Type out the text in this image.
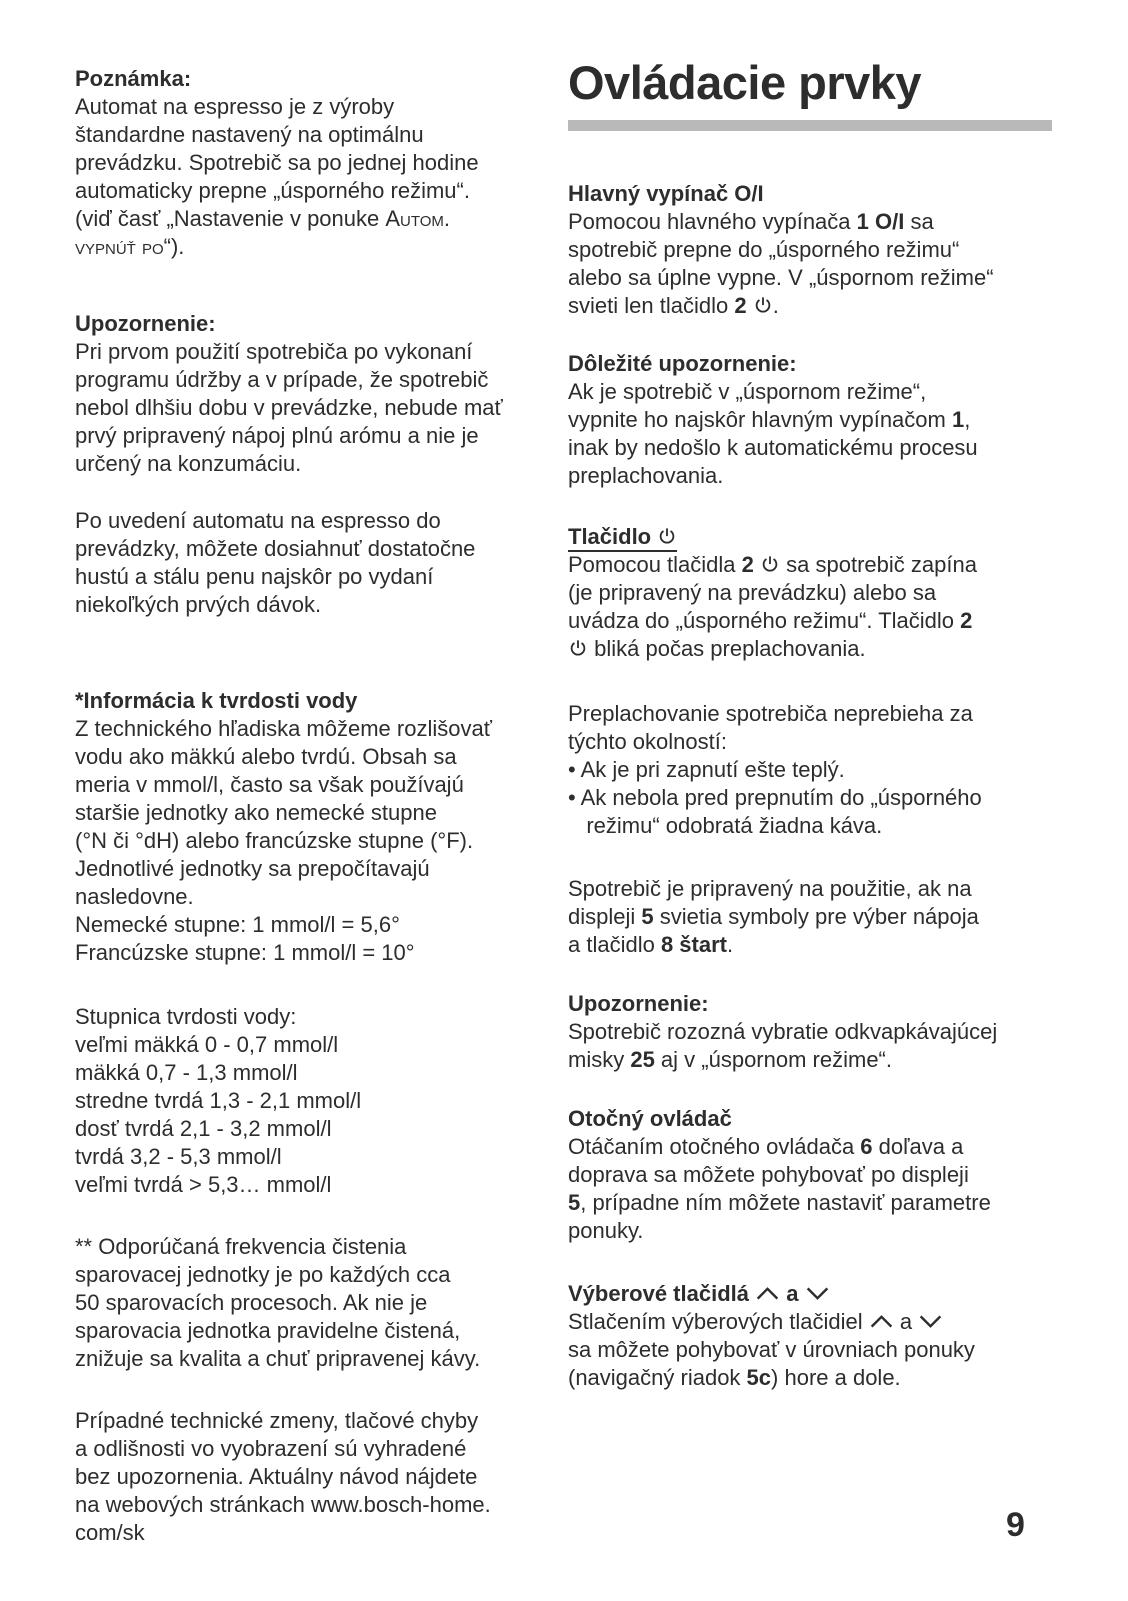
Poznámka:
Automat na espresso je z výroby
štandardne nastavený na optimálnu
prevádzku. Spotrebič sa po jednej hodine
automaticky prepne „úsporného režimu“.
(viď časť „Nastavenie v ponuke Autom.
vypnúť po“).
Upozornenie:
Pri prvom použití spotrebiča po vykonaní
programu údržby a v prípade, že spotrebič
nebol dlhšiu dobu v prevádzke, nebude mať
prvý pripravený nápoj plnú arómu a nie je
určený na konzumáciu.
Po uvedení automatu na espresso do
prevádzky, môžete dosiahnuť dostatočne
hustú a stálu penu najskôr po vydaní
niekoľkých prvých dávok.
*Informácia k tvrdosti vody
Z technického hľadiska môžeme rozlišovať
vodu ako mäkkú alebo tvrdú. Obsah sa
meria v mmol/l, často sa však používajú
staršie jednotky ako nemecké stupne
(°N či °dH) alebo francúzske stupne (°F).
Jednotlivé jednotky sa prepočítavajú
nasledovne.
Nemecké stupne: 1 mmol/l = 5,6°
Francúzske stupne: 1 mmol/l = 10°
Stupnica tvrdosti vody:
veľmi mäkká 0 - 0,7 mmol/l
mäkká 0,7 - 1,3 mmol/l
stredne tvrdá 1,3 - 2,1 mmol/l
dosť tvrdá 2,1 - 3,2 mmol/l
tvrdá 3,2 - 5,3 mmol/l
veľmi tvrdá > 5,3… mmol/l
** Odporúčaná frekvencia čistenia
sparovacej jednotky je po každých cca
50 sparovacích procesoch. Ak nie je
sparovacia jednotka pravidelne čistená,
znižuje sa kvalita a chuť pripravenej kávy.
Prípadné technické zmeny, tlačové chyby
a odlišnosti vo vyobrazení sú vyhradené
bez upozornenia. Aktuálny návod nájdete
na webových stránkach www.bosch-home.
com/sk
Ovládacie prvky
Hlavný vypínač O/I
Pomocou hlavného vypínača 1 O/I sa
spotrebič prepne do „úsporného režimu“
alebo sa úplne vypne. V „úspornom režime“
svieti len tlačidlo 2 .
Dôležité upozornenie:
Ak je spotrebič v „úspornom režime“,
vypnite ho najskôr hlavným vypínačom 1,
inak by nedošlo k automatickému procesu
preplachovania.
Tlačidlo
Pomocou tlačidla 2  sa spotrebič zapína
(je pripravený na prevádzku) alebo sa
uvádza do „úsporného režimu“. Tlačidlo 2
bliká počas preplachovania.
Preplachovanie spotrebiča neprebieha za
týchto okolností:
• Ak je pri zapnutí ešte teplý.
• Ak nebola pred prepnutím do „úsporného
režimu“ odobratá žiadna káva.
Spotrebič je pripravený na použitie, ak na
displeji 5 svietia symboly pre výber nápoja
a tlačidlo 8 štart.
Upozornenie:
Spotrebič rozozná vybratie odkvapkávajúcej
misky 25 aj v „úspornom režime“.
Otočný ovládač
Otáčaním otočného ovládača 6 doľava a
doprava sa môžete pohybovať po displeji
5, prípadne ním môžete nastaviť parametre
ponuky.
Výberové tlačidlá  a
Stlačením výberových tlačidiel  a
sa môžete pohybovať v úrovniach ponuky
(navigačný riadok 5c) hore a dole.
9
